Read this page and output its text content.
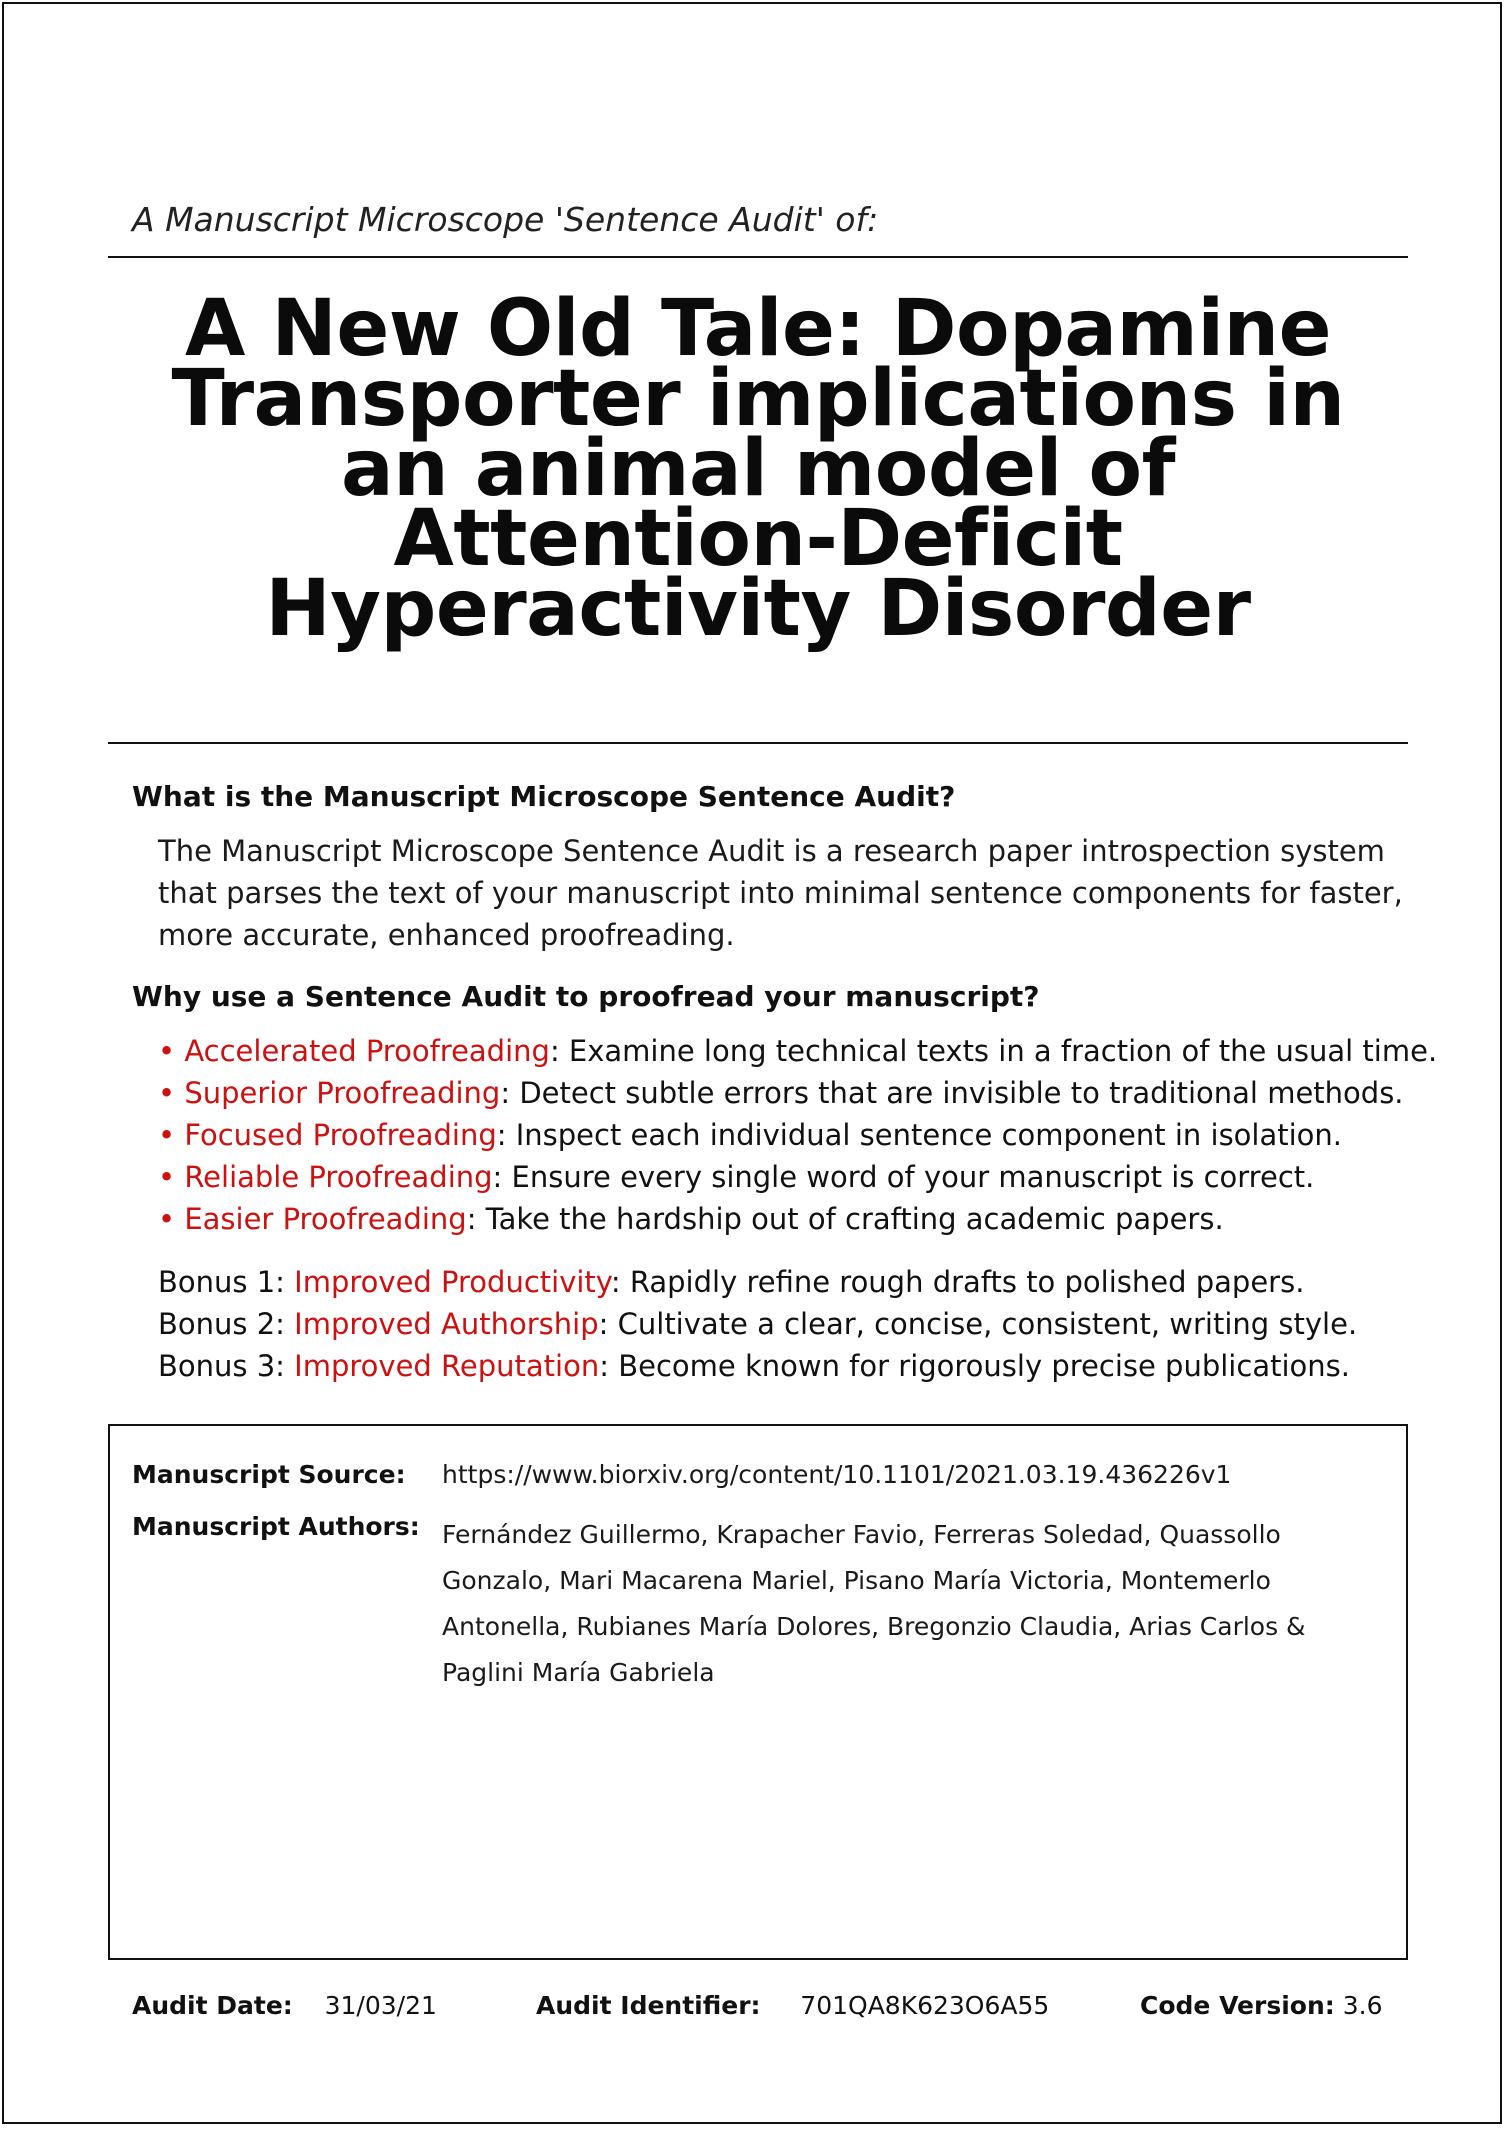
A Manuscript Microscope 'Sentence Audit' of:
A New Old Tale: Dopamine
Transporter implications in
an animal model of
Attention-Deficit
Hyperactivity Disorder
What is the Manuscript Microscope Sentence Audit?
The Manuscript Microscope Sentence Audit is a research paper introspection system
that parses the text of your manuscript into minimal sentence components for faster,
more accurate, enhanced proofreading.
Why use a Sentence Audit to proofread your manuscript?
• Accelerated Proofreading: Examine long technical texts in a fraction of the usual time.
• Superior Proofreading: Detect subtle errors that are invisible to traditional methods.
• Focused Proofreading: Inspect each individual sentence component in isolation.
• Reliable Proofreading: Ensure every single word of your manuscript is correct.
• Easier Proofreading: Take the hardship out of crafting academic papers.
Bonus 1: Improved Productivity: Rapidly refine rough drafts to polished papers.
Bonus 2: Improved Authorship: Cultivate a clear, concise, consistent, writing style.
Bonus 3: Improved Reputation: Become known for rigorously precise publications.
Manuscript Source: https://www.biorxiv.org/content/10.1101/2021.03.19.436226v1
Manuscript Authors: Fernández Guillermo, Krapacher Favio, Ferreras Soledad, Quassollo
Gonzalo, Mari Macarena Mariel, Pisano María Victoria, Montemerlo
Antonella, Rubianes María Dolores, Bregonzio Claudia, Arias Carlos &
Paglini María Gabriela
Audit Date: 31/03/21	Audit Identifier: 701QA8K623O6A55	Code Version: 3.6
